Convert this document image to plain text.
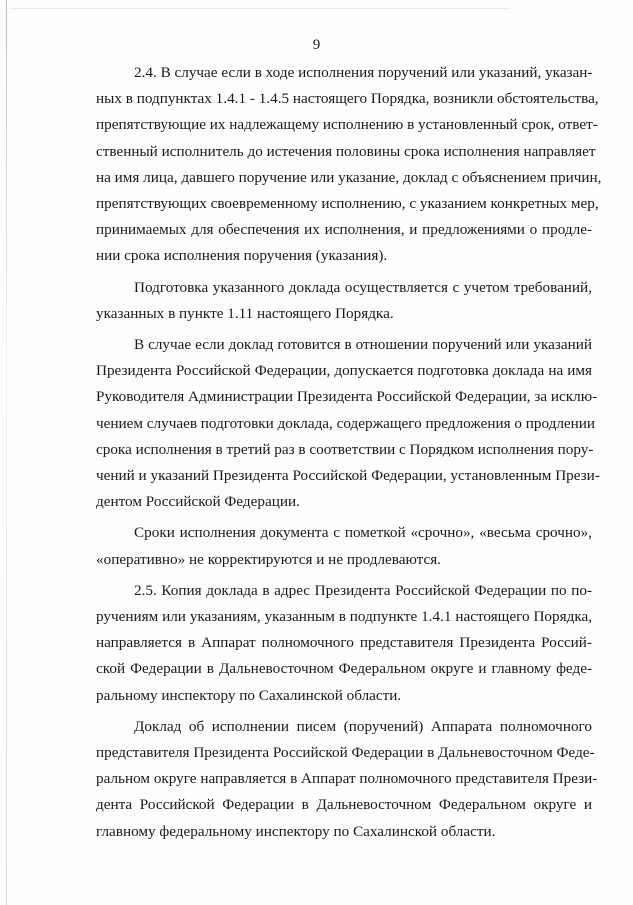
9
2.4. В случае если в ходе исполнения поручений или указаний, указан-
ных в подпунктах 1.4.1 - 1.4.5 настоящего Порядка, возникли обстоятельства,
препятствующие их надлежащему исполнению в установленный срок, ответ-
ственный исполнитель до истечения половины срока исполнения направляет
на имя лица, давшего поручение или указание, доклад с объяснением причин,
препятствующих своевременному исполнению, с указанием конкретных мер,
принимаемых для обеспечения их исполнения, и предложениями о продле-
нии срока исполнения поручения (указания).
Подготовка указанного доклада осуществляется с учетом требований,
указанных в пункте 1.11 настоящего Порядка.
В случае если доклад готовится в отношении поручений или указаний
Президента Российской Федерации, допускается подготовка доклада на имя
Руководителя Администрации Президента Российской Федерации, за исклю-
чением случаев подготовки доклада, содержащего предложения о продлении
срока исполнения в третий раз в соответствии с Порядком исполнения пору-
чений и указаний Президента Российской Федерации, установленным Прези-
дентом Российской Федерации.
Сроки исполнения документа с пометкой «срочно», «весьма срочно»,
«оперативно» не корректируются и не продлеваются.
2.5. Копия доклада в адрес Президента Российской Федерации по по-
ручениям или указаниям, указанным в подпункте 1.4.1 настоящего Порядка,
направляется в Аппарат полномочного представителя Президента Россий-
ской Федерации в Дальневосточном Федеральном округе и главному феде-
ральному инспектору по Сахалинской области.
Доклад об исполнении писем (поручений) Аппарата полномочного
представителя Президента Российской Федерации в Дальневосточном Феде-
ральном округе направляется в Аппарат полномочного представителя Прези-
дента Российской Федерации в Дальневосточном Федеральном округе и
главному федеральному инспектору по Сахалинской области.
